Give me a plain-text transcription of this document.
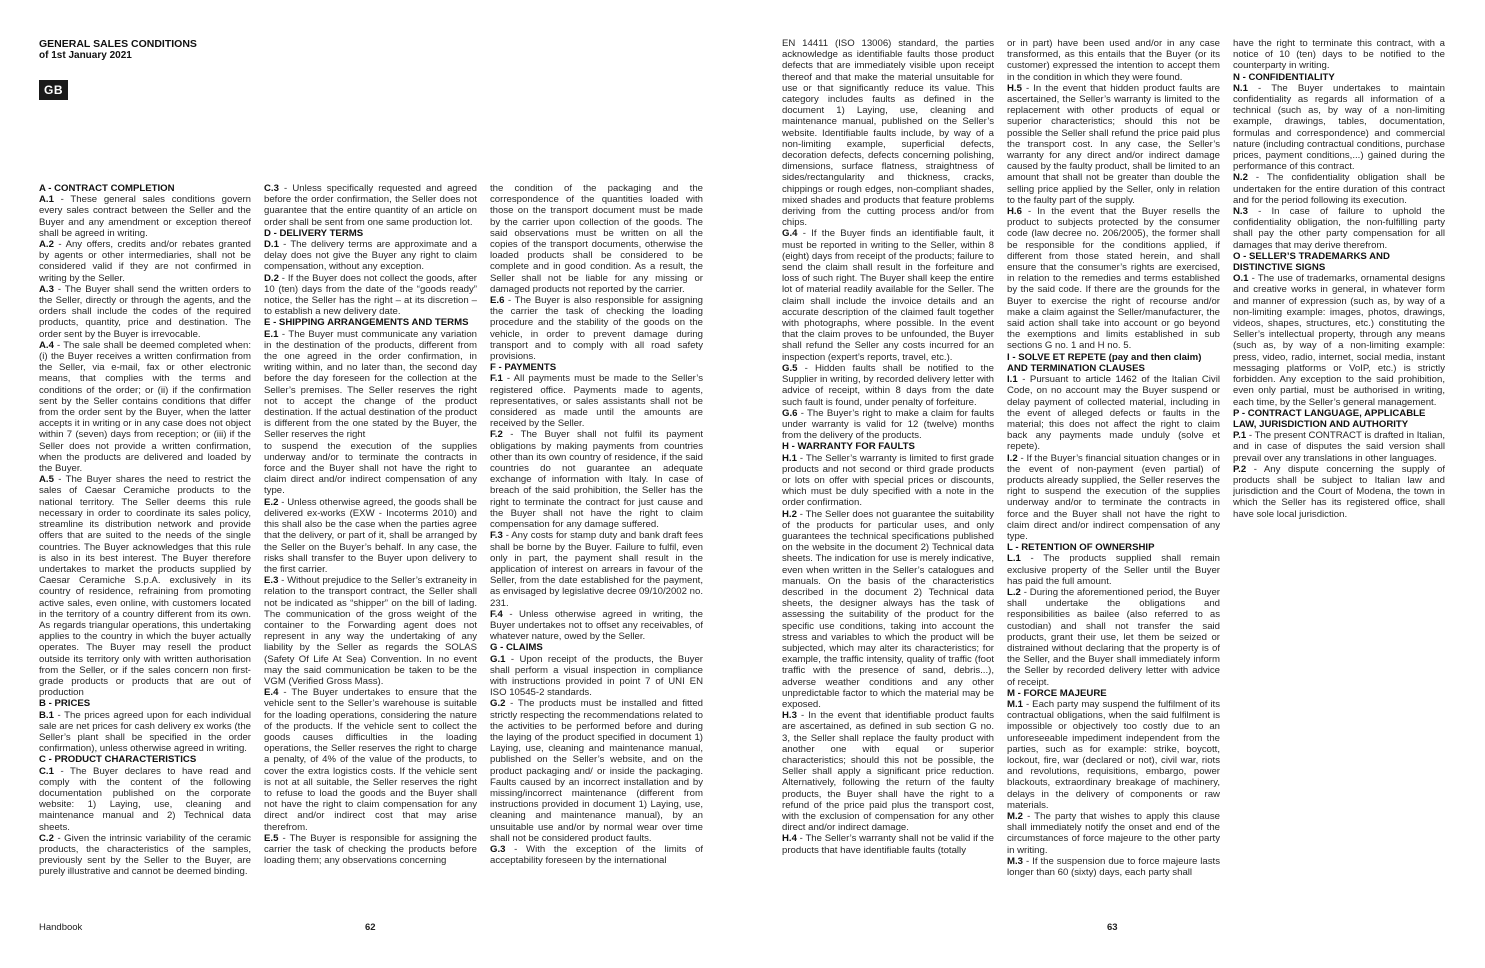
GENERAL SALES CONDITIONS
of 1st January 2021
GB
A - CONTRACT COMPLETION

A.1 - These general sales conditions govern every sales contract between the Seller and the Buyer and any amendment or exception thereof shall be agreed in writing.

A.2 - Any offers, credits and/or rebates granted by agents or other intermediaries, shall not be considered valid if they are not confirmed in writing by the Seller.

A.3 - The Buyer shall send the written orders to the Seller, directly or through the agents, and the orders shall include the codes of the required products, quantity, price and destination. The order sent by the Buyer is irrevocable.

A.4 - The sale shall be deemed completed when: (i) the Buyer receives a written confirmation from the Seller, via e-mail, fax or other electronic means, that complies with the terms and conditions of the order; or (ii) if the confirmation sent by the Seller contains conditions that differ from the order sent by the Buyer, when the latter accepts it in writing or in any case does not object within 7 (seven) days from reception; or (iii) if the Seller does not provide a written confirmation, when the products are delivered and loaded by the Buyer.

A.5 - The Buyer shares the need to restrict the sales of Caesar Ceramiche products to the national territory. The Seller deems this rule necessary in order to coordinate its sales policy, streamline its distribution network and provide offers that are suited to the needs of the single countries. The Buyer acknowledges that this rule is also in its best interest. The Buyer therefore undertakes to market the products supplied by Caesar Ceramiche S.p.A. exclusively in its country of residence, refraining from promoting active sales, even online, with customers located in the territory of a country different from its own. As regards triangular operations, this undertaking applies to the country in which the buyer actually operates. The Buyer may resell the product outside its territory only with written authorisation from the Seller, or if the sales concern non first-grade products or products that are out of production

B - PRICES

B.1 - The prices agreed upon for each individual sale are net prices for cash delivery ex works (the Seller’s plant shall be specified in the order confirmation), unless otherwise agreed in writing.

C - PRODUCT CHARACTERISTICS

C.1 - The Buyer declares to have read and comply with the content of the following documentation published on the corporate website: 1) Laying, use, cleaning and maintenance manual and 2) Technical data sheets.

C.2 - Given the intrinsic variability of the ceramic products, the characteristics of the samples, previously sent by the Seller to the Buyer, are purely illustrative and cannot be deemed binding.

C.3 - Unless specifically requested and agreed before the order confirmation, the Seller does not guarantee that the entire quantity of an article on order shall be sent from one same production lot.

D - DELIVERY TERMS

D.1 - The delivery terms are approximate and a delay does not give the Buyer any right to claim compensation, without any exception.

D.2 - If the Buyer does not collect the goods, after 10 (ten) days from the date of the “goods ready” notice, the Seller has the right – at its discretion – to establish a new delivery date.

E - SHIPPING ARRANGEMENTS AND TERMS

E.1 - The Buyer must communicate any variation in the destination of the products, different from the one agreed in the order confirmation, in writing within, and no later than, the second day before the day foreseen for the collection at the Seller’s premises. The Seller reserves the right not to accept the change of the product destination. If the actual destination of the product is different from the one stated by the Buyer, the Seller reserves the right

to suspend the execution of the supplies underway and/or to terminate the contracts in force and the Buyer shall not have the right to claim direct and/or indirect compensation of any type.

E.2 - Unless otherwise agreed, the goods shall be delivered ex-works (EXW - Incoterms 2010) and this shall also be the case when the parties agree that the delivery, or part of it, shall be arranged by the Seller on the Buyer’s behalf. In any case, the risks shall transfer to the Buyer upon delivery to the first carrier.

E.3 - Without prejudice to the Seller’s extraneity in relation to the transport contract, the Seller shall not be indicated as “shipper” on the bill of lading. The communication of the gross weight of the container to the Forwarding agent does not represent in any way the undertaking of any liability by the Seller as regards the SOLAS (Safety Of Life At Sea) Convention. In no event may the said communication be taken to be the VGM (Verified Gross Mass).

E.4 - The Buyer undertakes to ensure that the vehicle sent to the Seller’s warehouse is suitable for the loading operations, considering the nature of the products. If the vehicle sent to collect the goods causes difficulties in the loading operations, the Seller reserves the right to charge a penalty, of 4% of the value of the products, to cover the extra logistics costs. If the vehicle sent is not at all suitable, the Seller reserves the right to refuse to load the goods and the Buyer shall not have the right to claim compensation for any direct and/or indirect cost that may arise therefrom.

E.5 - The Buyer is responsible for assigning the carrier the task of checking the products before loading them; any observations concerning

the condition of the packaging and the correspondence of the quantities loaded with those on the transport document must be made by the carrier upon collection of the goods. The said observations must be written on all the copies of the transport documents, otherwise the loaded products shall be considered to be complete and in good condition. As a result, the Seller shall not be liable for any missing or damaged products not reported by the carrier.

E.6 - The Buyer is also responsible for assigning the carrier the task of checking the loading procedure and the stability of the goods on the vehicle, in order to prevent damage during transport and to comply with all road safety provisions.

F - PAYMENTS

F.1 - All payments must be made to the Seller’s registered office. Payments made to agents, representatives, or sales assistants shall not be considered as made until the amounts are received by the Seller.

F.2 - The Buyer shall not fulfil its payment obligations by making payments from countries other than its own country of residence, if the said countries do not guarantee an adequate exchange of information with Italy. In case of breach of the said prohibition, the Seller has the right to terminate the contract for just cause and the Buyer shall not have the right to claim compensation for any damage suffered.

F.3 - Any costs for stamp duty and bank draft fees shall be borne by the Buyer. Failure to fulfil, even only in part, the payment shall result in the application of interest on arrears in favour of the Seller, from the date established for the payment, as envisaged by legislative decree 09/10/2002 no. 231.

F.4 - Unless otherwise agreed in writing, the Buyer undertakes not to offset any receivables, of whatever nature, owed by the Seller.

G - CLAIMS

G.1 - Upon receipt of the products, the Buyer shall perform a visual inspection in compliance with instructions provided in point 7 of UNI EN ISO 10545-2 standards.

G.2 - The products must be installed and fitted strictly respecting the recommendations related to the activities to be performed before and during the laying of the product specified in document 1) Laying, use, cleaning and maintenance manual, published on the Seller’s website, and on the product packaging and/ or inside the packaging. Faults caused by an incorrect installation and by missing/incorrect maintenance (different from instructions provided in document 1) Laying, use, cleaning and maintenance manual), by an unsuitable use and/or by normal wear over time shall not be considered product faults.

G.3 - With the exception of the limits of acceptability foreseen by the international

Handbook	62

EN 14411 (ISO 13006) standard, the parties acknowledge as identifiable faults those product defects that are immediately visible upon receipt thereof and that make the material unsuitable for use or that significantly reduce its value. This category includes faults as defined in the document 1) Laying, use, cleaning and maintenance manual, published on the Seller’s website. Identifiable faults include, by way of a non-limiting example, superficial defects, decoration defects, defects concerning polishing, dimensions, surface flatness, straightness of sides/rectangularity and thickness, cracks, chippings or rough edges, non-compliant shades, mixed shades and products that feature problems deriving from the cutting process and/or from chips.

G.4 - If the Buyer finds an identifiable fault, it must be reported in writing to the Seller, within 8 (eight) days from receipt of the products; failure to send the claim shall result in the forfeiture and loss of such right. The Buyer shall keep the entire lot of material readily available for the Seller. The claim shall include the invoice details and an accurate description of the claimed fault together with photographs, where possible. In the event that the claim proves to be unfounded, the Buyer shall refund the Seller any costs incurred for an inspection (expert’s reports, travel, etc.).

G.5 - Hidden faults shall be notified to the Supplier in writing, by recorded delivery letter with advice of receipt, within 8 days from the date such fault is found, under penalty of forfeiture.

G.6 - The Buyer’s right to make a claim for faults under warranty is valid for 12 (twelve) months from the delivery of the products.

H - WARRANTY FOR FAULTS

H.1 - The Seller’s warranty is limited to first grade products and not second or third grade products or lots on offer with special prices or discounts, which must be duly specified with a note in the order confirmation.

H.2 - The Seller does not guarantee the suitability of the products for particular uses, and only guarantees the technical specifications published on the website in the document 2) Technical data sheets. The indication for use is merely indicative, even when written in the Seller’s catalogues and manuals. On the basis of the characteristics described in the document 2) Technical data sheets, the designer always has the task of assessing the suitability of the product for the specific use conditions, taking into account the stress and variables to which the product will be subjected, which may alter its characteristics; for example, the traffic intensity, quality of traffic (foot traffic with the presence of sand, debris...), adverse weather conditions and any other unpredictable factor to which the material may be exposed.

H.3 - In the event that identifiable product faults are ascertained, as defined in sub section G no. 3, the Seller shall replace the faulty product with another one with equal or superior characteristics; should this not be possible, the Seller shall apply a significant price reduction. Alternatively, following the return of the faulty products, the Buyer shall have the right to a refund of the price paid plus the transport cost, with the exclusion of compensation for any other direct and/or indirect damage.

H.4 - The Seller’s warranty shall not be valid if the products that have identifiable faults (totally

or in part) have been used and/or in any case transformed, as this entails that the Buyer (or its customer) expressed the intention to accept them in the condition in which they were found.

H.5 - In the event that hidden product faults are ascertained, the Seller’s warranty is limited to the replacement with other products of equal or superior characteristics; should this not be possible the Seller shall refund the price paid plus the transport cost. In any case, the Seller’s warranty for any direct and/or indirect damage caused by the faulty product, shall be limited to an amount that shall not be greater than double the selling price applied by the Seller, only in relation to the faulty part of the supply.

H.6 - In the event that the Buyer resells the product to subjects protected by the consumer code (law decree no. 206/2005), the former shall be responsible for the conditions applied, if different from those stated herein, and shall ensure that the consumer’s rights are exercised, in relation to the remedies and terms established by the said code. If there are the grounds for the Buyer to exercise the right of recourse and/or make a claim against the Seller/manufacturer, the said action shall take into account or go beyond the exemptions and limits established in sub sections G no. 1 and H no. 5.

I - SOLVE ET REPETE (pay and then claim) AND TERMINATION CLAUSES

I.1 - Pursuant to article 1462 of the Italian Civil Code, on no account may the Buyer suspend or delay payment of collected material, including in the event of alleged defects or faults in the material; this does not affect the right to claim back any payments made unduly (solve et repete).

I.2 - If the Buyer’s financial situation changes or in the event of non-payment (even partial) of products already supplied, the Seller reserves the right to suspend the execution of the supplies underway and/or to terminate the contracts in force and the Buyer shall not have the right to claim direct and/or indirect compensation of any type.

L - RETENTION OF OWNERSHIP

L.1 - The products supplied shall remain exclusive property of the Seller until the Buyer has paid the full amount.

L.2 - During the aforementioned period, the Buyer shall undertake the obligations and responsibilities as bailee (also referred to as custodian) and shall not transfer the said products, grant their use, let them be seized or distrained without declaring that the property is of the Seller, and the Buyer shall immediately inform the Seller by recorded delivery letter with advice of receipt.

M - FORCE MAJEURE

M.1 - Each party may suspend the fulfilment of its contractual obligations, when the said fulfilment is impossible or objectively too costly due to an unforeseeable impediment independent from the parties, such as for example: strike, boycott, lockout, fire, war (declared or not), civil war, riots and revolutions, requisitions, embargo, power blackouts, extraordinary breakage of machinery, delays in the delivery of components or raw materials.

M.2 - The party that wishes to apply this clause shall immediately notify the onset and end of the circumstances of force majeure to the other party in writing.

M.3 - If the suspension due to force majeure lasts longer than 60 (sixty) days, each party shall

have the right to terminate this contract, with a notice of 10 (ten) days to be notified to the counterparty in writing.

N - CONFIDENTIALITY

N.1 - The Buyer undertakes to maintain confidentiality as regards all information of a technical (such as, by way of a non-limiting example, drawings, tables, documentation, formulas and correspondence) and commercial nature (including contractual conditions, purchase prices, payment conditions,...) gained during the performance of this contract.

N.2 - The confidentiality obligation shall be undertaken for the entire duration of this contract and for the period following its execution.

N.3 - In case of failure to uphold the confidentiality obligation, the non-fulfilling party shall pay the other party compensation for all damages that may derive therefrom.

O - SELLER’S TRADEMARKS AND DISTINCTIVE SIGNS

O.1 - The use of trademarks, ornamental designs and creative works in general, in whatever form and manner of expression (such as, by way of a non-limiting example: images, photos, drawings, videos, shapes, structures, etc.) constituting the Seller’s intellectual property, through any means (such as, by way of a non-limiting example: press, video, radio, internet, social media, instant messaging platforms or VoIP, etc.) is strictly forbidden. Any exception to the said prohibition, even only partial, must be authorised in writing, each time, by the Seller’s general management.

P - CONTRACT LANGUAGE, APPLICABLE LAW, JURISDICTION AND AUTHORITY

P.1 - The present CONTRACT is drafted in Italian, and in case of disputes the said version shall prevail over any translations in other languages.

P.2 - Any dispute concerning the supply of products shall be subject to Italian law and jurisdiction and the Court of Modena, the town in which the Seller has its registered office, shall have sole local jurisdiction.

63
